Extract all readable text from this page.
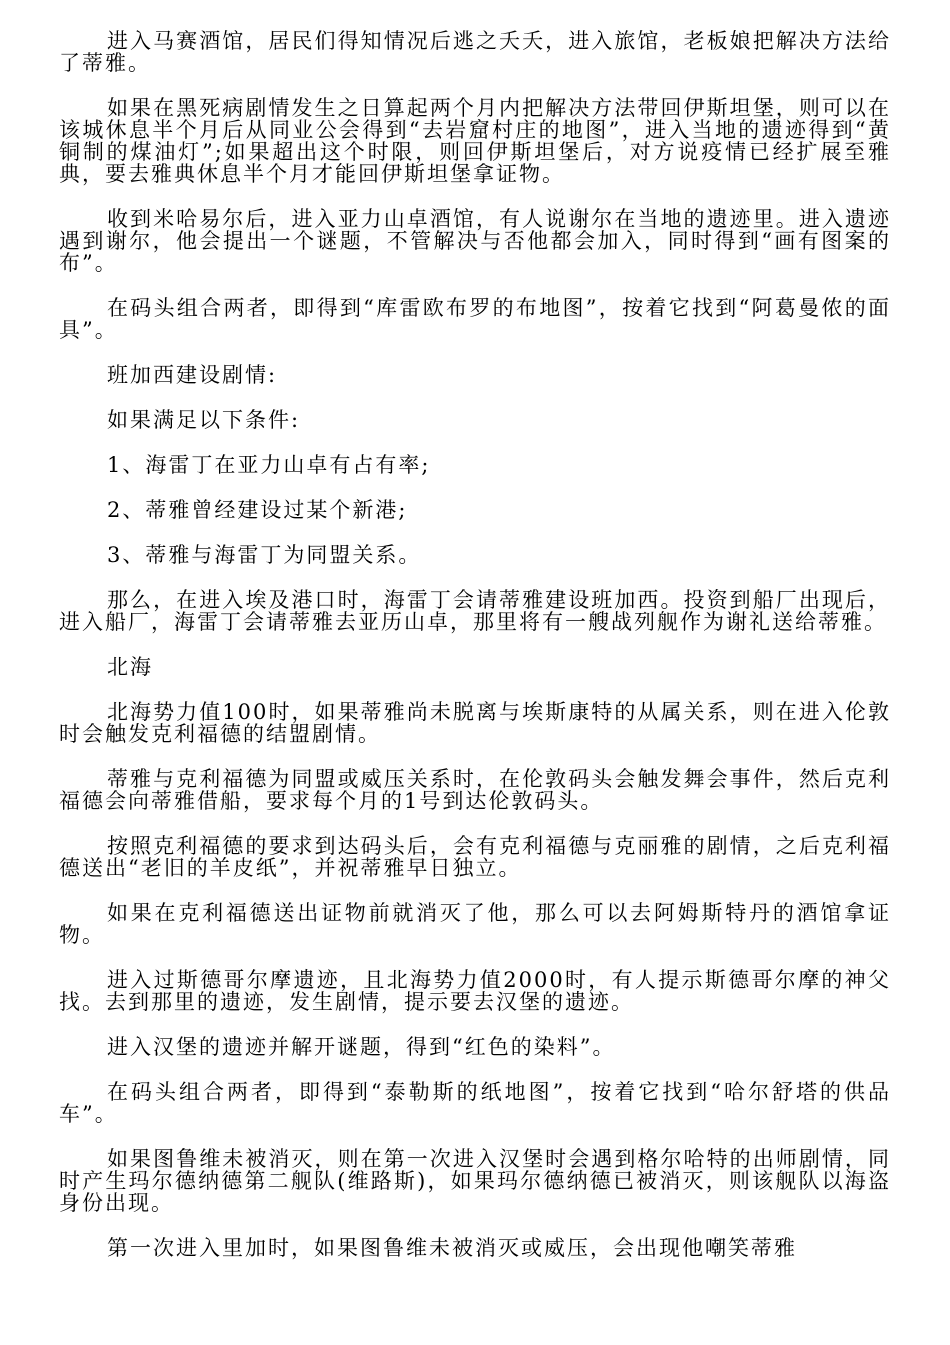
进入马赛酒馆，居民们得知情况后逃之夭夭，进入旅馆，老板娘把解决方法给了蒂雅。

如果在黑死病剧情发生之日算起两个月内把解决方法带回伊斯坦堡，则可以在该城休息半个月后从同业公会得到“去岩窟村庄的地图”，进入当地的遗迹得到“黄铜制的煤油灯”;如果超出这个时限，则回伊斯坦堡后，对方说疫情已经扩展至雅典，要去雅典休息半个月才能回伊斯坦堡拿证物。

收到米哈易尔后，进入亚力山卓酒馆，有人说谢尔在当地的遗迹里。进入遗迹遇到谢尔，他会提出一个谜题，不管解决与否他都会加入，同时得到“画有图案的布”。

在码头组合两者，即得到“库雷欧布罗的布地图”，按着它找到“阿葛曼侬的面具”。

班加西建设剧情:

如果满足以下条件:

1、海雷丁在亚力山卓有占有率;

2、蒂雅曾经建设过某个新港;

3、蒂雅与海雷丁为同盟关系。

那么，在进入埃及港口时，海雷丁会请蒂雅建设班加西。投资到船厂出现后，进入船厂，海雷丁会请蒂雅去亚历山卓，那里将有一艘战列舰作为谢礼送给蒂雅。

北海

北海势力值100时，如果蒂雅尚未脱离与埃斯康特的从属关系，则在进入伦敦时会触发克利福德的结盟剧情。

蒂雅与克利福德为同盟或威压关系时，在伦敦码头会触发舞会事件，然后克利福德会向蒂雅借船，要求每个月的1号到达伦敦码头。

按照克利福德的要求到达码头后，会有克利福德与克丽雅的剧情，之后克利福德送出“老旧的羊皮纸”，并祝蒂雅早日独立。

如果在克利福德送出证物前就消灭了他，那么可以去阿姆斯特丹的酒馆拿证物。

进入过斯德哥尔摩遗迹，且北海势力值2000时，有人提示斯德哥尔摩的神父找。去到那里的遗迹，发生剧情，提示要去汉堡的遗迹。

进入汉堡的遗迹并解开谜题，得到“红色的染料”。

在码头组合两者，即得到“泰勒斯的纸地图”，按着它找到“哈尔舒塔的供品车”。

如果图鲁维未被消灭，则在第一次进入汉堡时会遇到格尔哈特的出师剧情，同时产生玛尔德纳德第二舰队(维路斯)，如果玛尔德纳德已被消灭，则该舰队以海盗身份出现。

第一次进入里加时，如果图鲁维未被消灭或威压，会出现他嘲笑蒂雅
